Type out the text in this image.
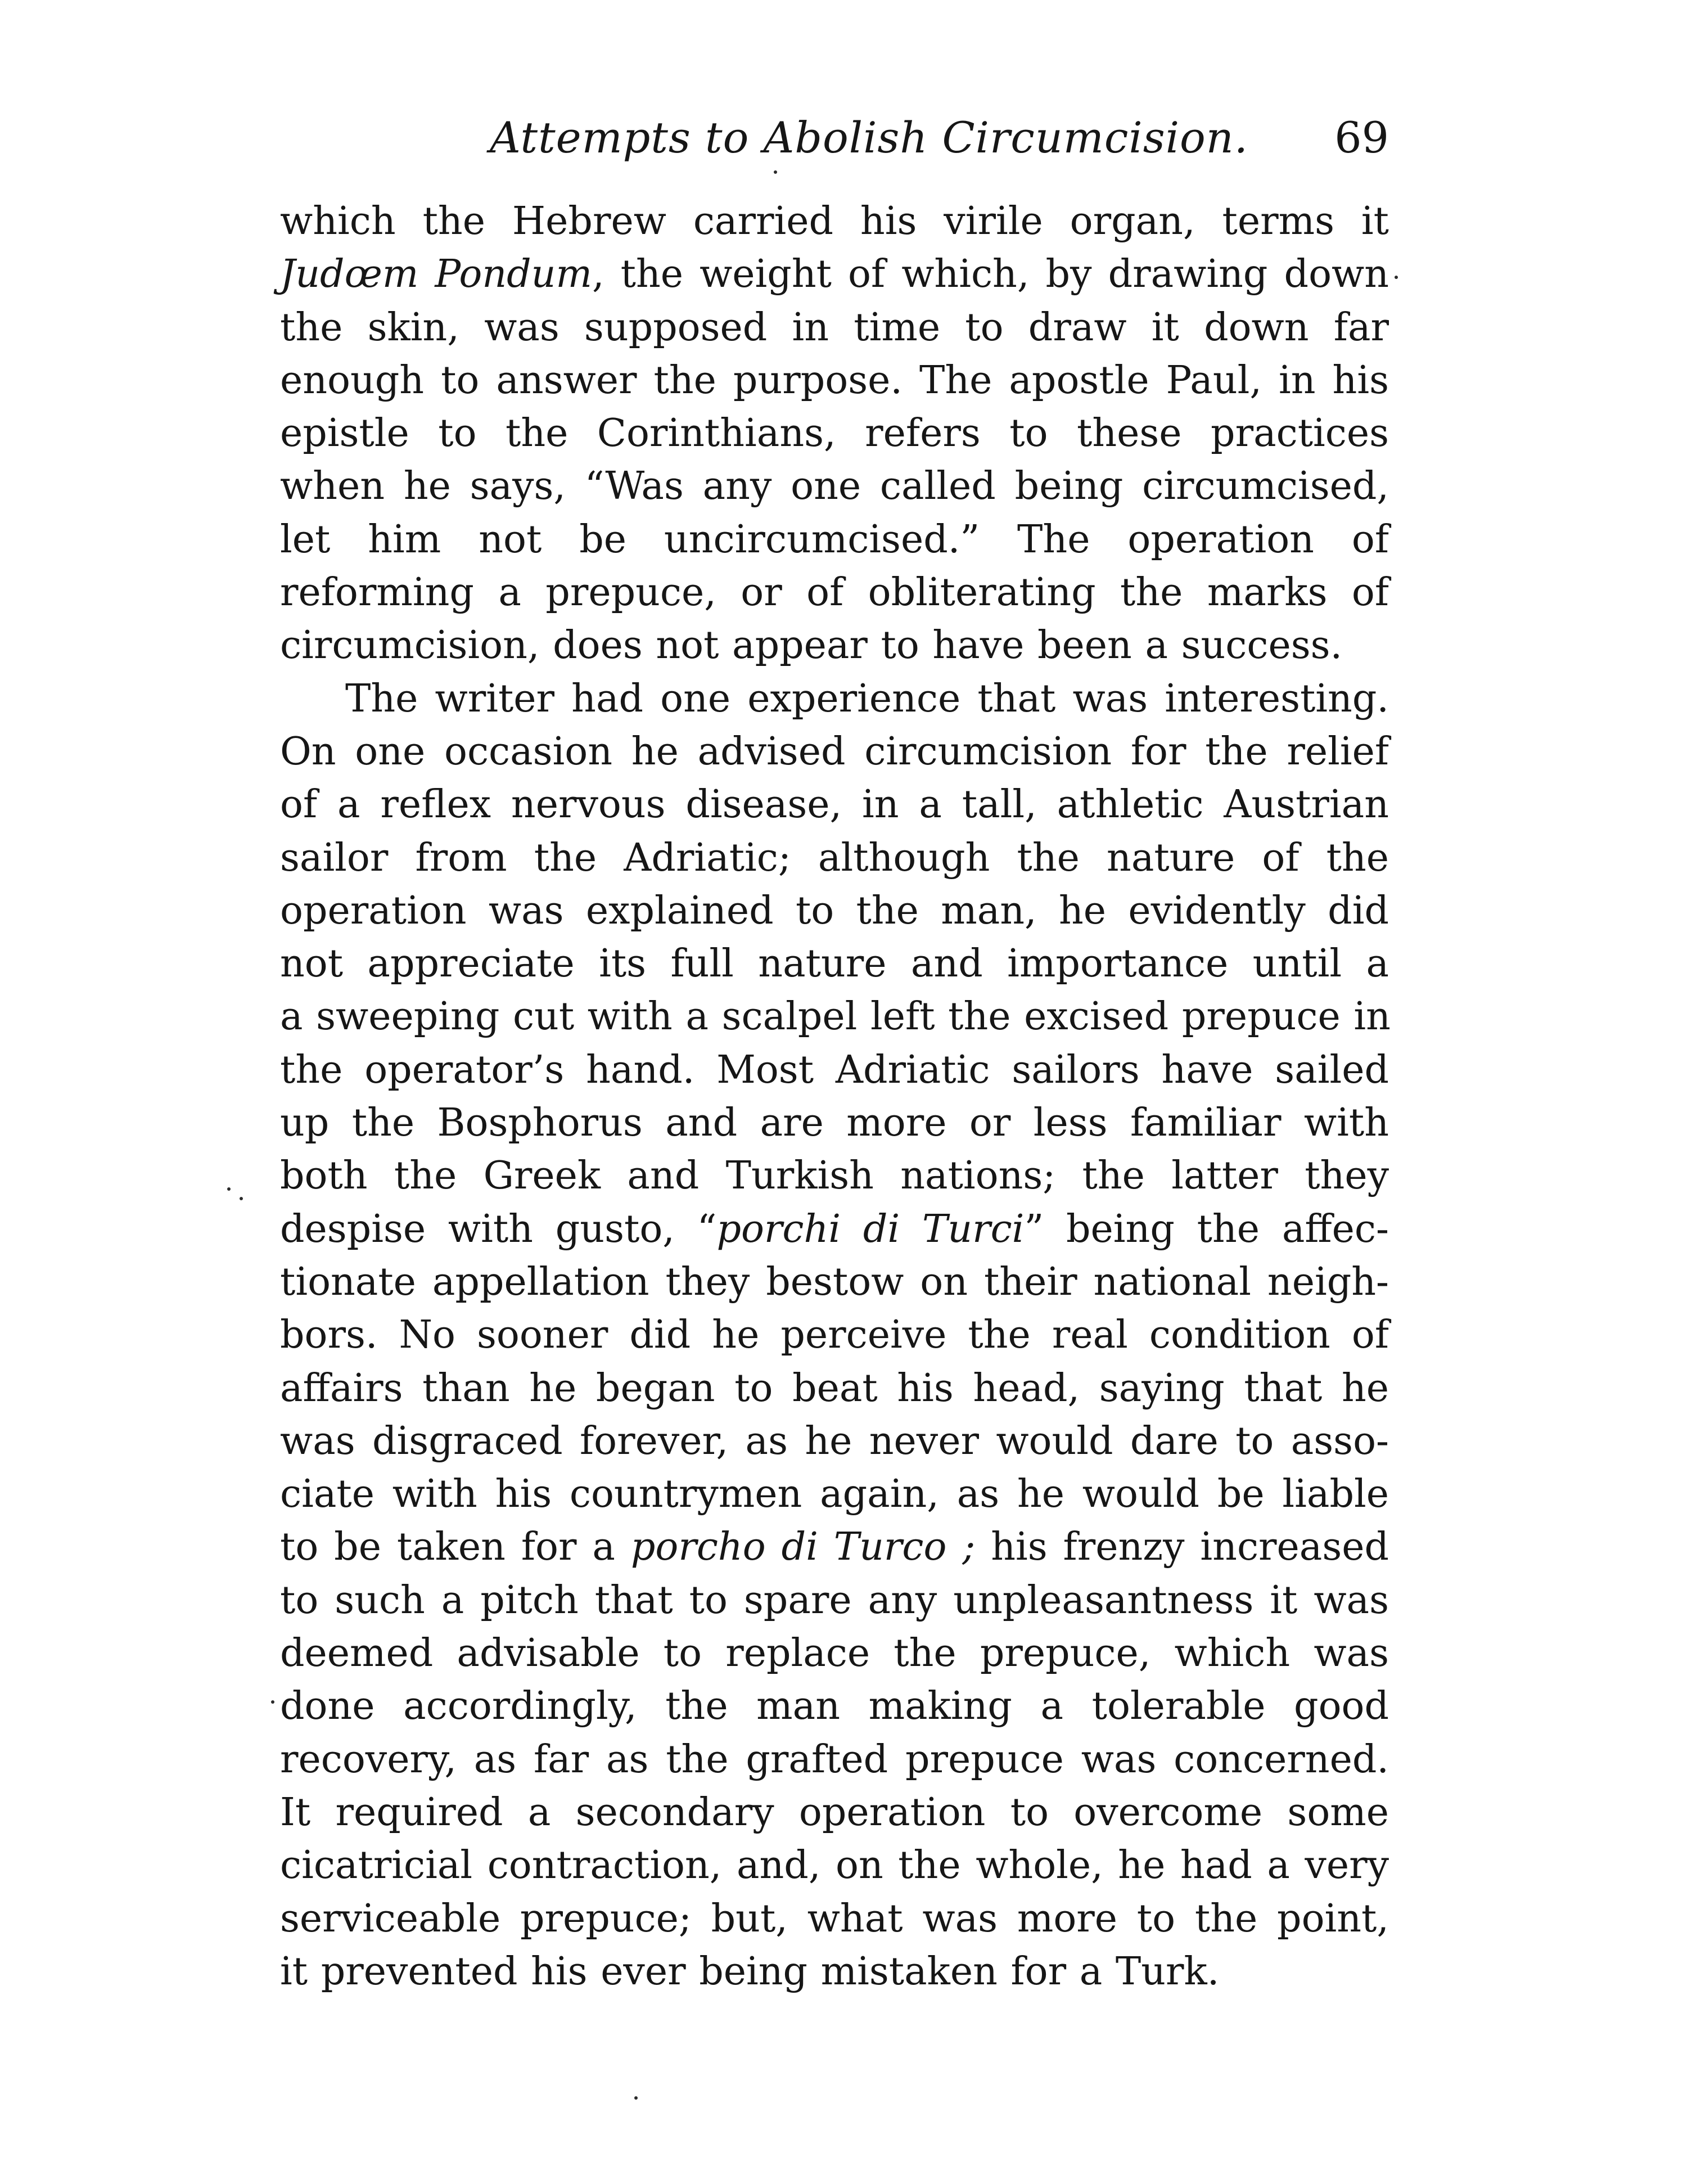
Attempts to Abolish Circumcision. 69
which the Hebrew carried his virile organ, terms it
Judœm Pondum, the weight of which, by drawing down
the skin, was supposed in time to draw it down far
enough to answer the purpose. The apostle Paul, in his
epistle to the Corinthians, refers to these practices
when he says, “Was any one called being circumcised,
let him not be uncircumcised.” The operation of
reforming a prepuce, or of obliterating the marks of
circumcision, does not appear to have been a success.
The writer had one experience that was interesting.
On one occasion he advised circumcision for the relief
of a reflex nervous disease, in a tall, athletic Austrian
sailor from the Adriatic; although the nature of the
operation was explained to the man, he evidently did
not appreciate its full nature and importance until a
a sweeping cut with a scalpel left the excised prepuce in
the operator’s hand. Most Adriatic sailors have sailed
up the Bosphorus and are more or less familiar with
both the Greek and Turkish nations; the latter they
despise with gusto, “porchi di Turci” being the affec-
tionate appellation they bestow on their national neigh-
bors. No sooner did he perceive the real condition of
affairs than he began to beat his head, saying that he
was disgraced forever, as he never would dare to asso-
ciate with his countrymen again, as he would be liable
to be taken for a porcho di Turco ; his frenzy increased
to such a pitch that to spare any unpleasantness it was
deemed advisable to replace the prepuce, which was
done accordingly, the man making a tolerable good
recovery, as far as the grafted prepuce was concerned.
It required a secondary operation to overcome some
cicatricial contraction, and, on the whole, he had a very
serviceable prepuce; but, what was more to the point,
it prevented his ever being mistaken for a Turk.
